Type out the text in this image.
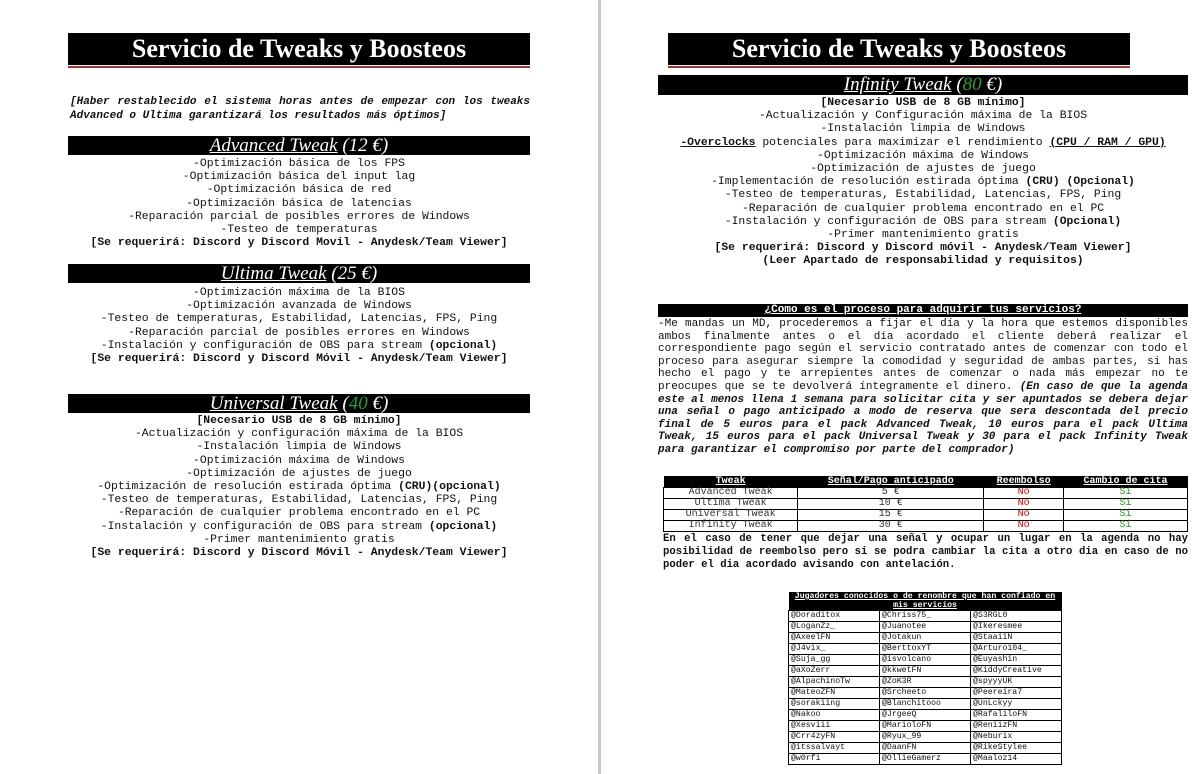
Servicio de Tweaks y Boosteos
[Haber restablecido el sistema horas antes de empezar con los tweaks Advanced o Ultima garantizará los resultados más óptimos]
Advanced Tweak (12 €)
-Optimización básica de los FPS
-Optimización básica del input lag
-Optimización básica de red
-Optimización básica de latencias
-Reparación parcial de posibles errores de Windows
-Testeo de temperaturas
[Se requerirá: Discord y Discord Movil - Anydesk/Team Viewer]
Ultima Tweak (25 €)
-Optimización máxima de la BIOS
-Optimización avanzada de Windows
-Testeo de temperaturas, Estabilidad, Latencias, FPS, Ping
-Reparación parcial de posibles errores en Windows
-Instalación y configuración de OBS para stream (opcional)
[Se requerirá: Discord y Discord Móvil - Anydesk/Team Viewer]
Universal Tweak (40 €)
[Necesario USB de 8 GB mínimo]
-Actualización y configuración máxima de la BIOS
-Instalación limpia de Windows
-Optimización máxima de Windows
-Optimización de ajustes de juego
-Optimización de resolución estirada óptima (CRU)(opcional)
-Testeo de temperaturas, Estabilidad, Latencias, FPS, Ping
-Reparación de cualquier problema encontrado en el PC
-Instalación y configuración de OBS para stream (opcional)
-Primer mantenimiento gratis
[Se requerirá: Discord y Discord Móvil - Anydesk/Team Viewer]
Servicio de Tweaks y Boosteos
Infinity Tweak (80 €)
[Necesario USB de 8 GB mínimo]
-Actualización y Configuración máxima de la BIOS
-Instalación limpia de Windows
-Overclocks potenciales para maximizar el rendimiento (CPU / RAM / GPU)
-Optimización máxima de Windows
-Optimización de ajustes de juego
-Implementación de resolución estirada óptima (CRU) (Opcional)
-Testeo de temperaturas, Estabilidad, Latencias, FPS, Ping
-Reparación de cualquier problema encontrado en el PC
-Instalación y configuración de OBS para stream (Opcional)
-Primer mantenimiento gratis
[Se requerirá: Discord y Discord móvil - Anydesk/Team Viewer]
(Leer Apartado de responsabilidad y requisitos)
¿Como es el proceso para adquirir tus servicios?
-Me mandas un MD, procederemos a fijar el día y la hora que estemos disponibles ambos finalmente antes o el día acordado el cliente deberá realizar el correspondiente pago según el servicio contratado antes de comenzar con todo el proceso para asegurar siempre la comodidad y seguridad de ambas partes, si has hecho el pago y te arrepientes antes de comenzar o nada más empezar no te preocupes que se te devolverá íntegramente el dinero. (En caso de que la agenda este al menos llena 1 semana para solicitar cita y ser apuntados se debera dejar una señal o pago anticipado a modo de reserva que sera descontada del precio final de 5 euros para el pack Advanced Tweak, 10 euros para el pack Ultima Tweak, 15 euros para el pack Universal Tweak y 30 para el pack Infinity Tweak para garantizar el compromiso por parte del comprador)
Tweak	Señal/Pago anticipado	Reembolso	Cambio de cita
Advanced Tweak	5 €	No	Si
Ultima Tweak	10 €	No	Si
Universal Tweak	15 €	No	Si
Infinity Tweak	30 €	No	Si
En el caso de tener que dejar una señal y ocupar un lugar en la agenda no hay posibilidad de reembolso pero si se podra cambiar la cita a otro dia en caso de no poder el dia acordado avisando con antelación.
Jugadores conocidos o de renombre que han confiado en mis servicios		
@Doraditox	@Chriss75_	@S3RGL0
@LoganZz_	@Juanotee	@Ikeresmee
@AxeelFN	@Jotakun	@StaaiiN
@J4vix_	@BerttoxYT	@Arturo104_
@Suja_gg	@isvolcano	@Euyashin
@aXoZerr	@kkwetFN	@KiddyCreative
@AlpachinoTw	@ZoK3R	@spyyyUK
@MateoZFN	@Srcheeto	@Peereira7
@sorakiing	@Blanchitooo	@UnLckyy
@Nakoo	@JrgeeQ	@RafaliloFN
@Xesviii	@MarioloFN	@ReniizFN
@Crr4zyFN	@Ryux_99	@Neburix
@itssalvayt	@DaanFN	@RikeStylee
@w0rfi	@OllieGamerz	@Maaloz14
